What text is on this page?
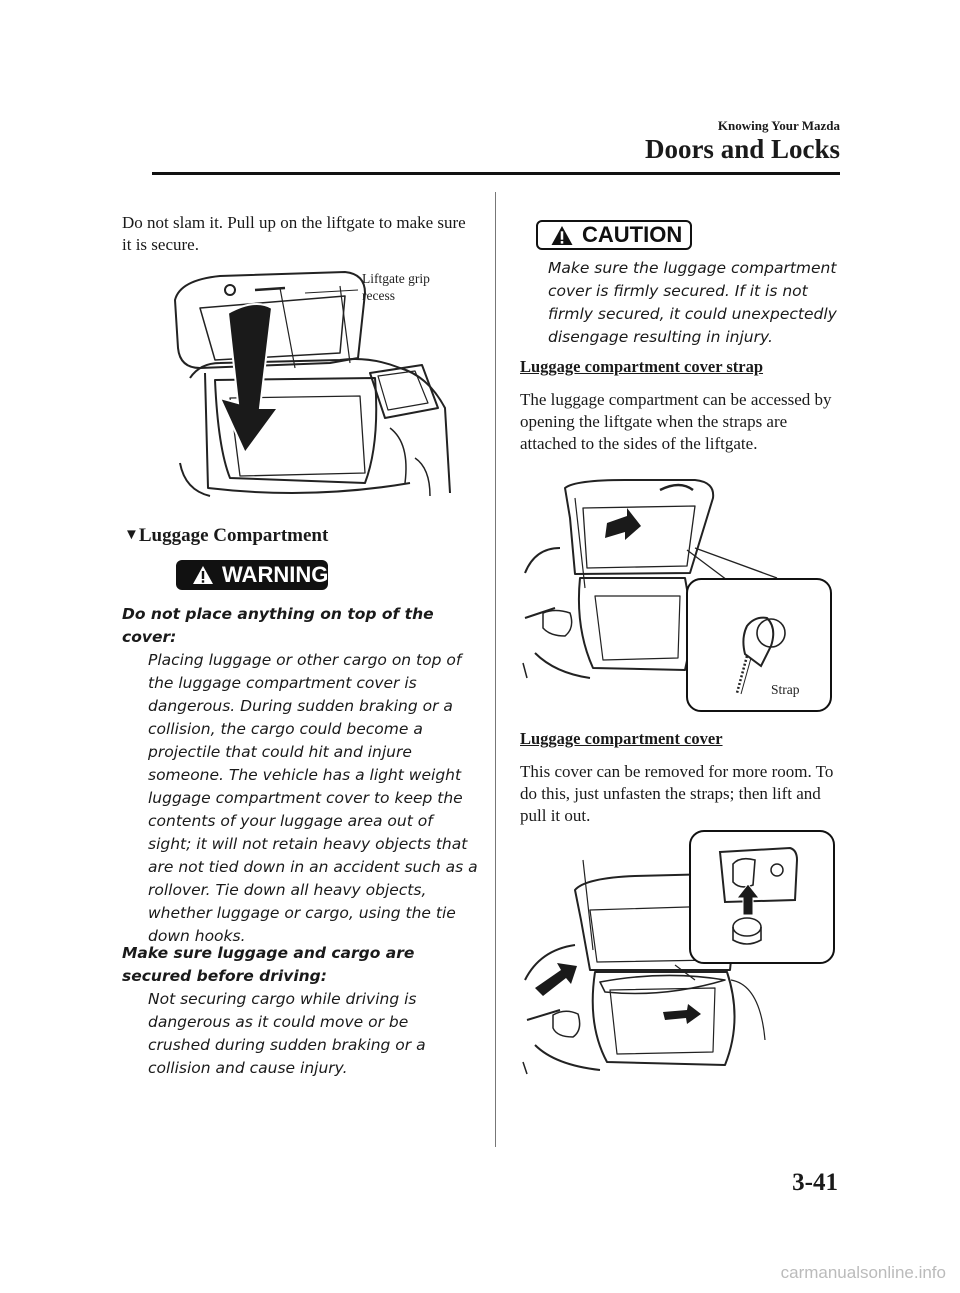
Knowing Your Mazda
Doors and Locks
Do not slam it. Pull up on the liftgate to make sure it is secure.
Liftgate grip
recess
▼Luggage Compartment
WARNING
Do not place anything on top of the cover:
Placing luggage or other cargo on top of the luggage compartment cover is dangerous. During sudden braking or a collision, the cargo could become a projectile that could hit and injure someone. The vehicle has a light weight luggage compartment cover to keep the contents of your luggage area out of sight; it will not retain heavy objects that are not tied down in an accident such as a rollover. Tie down all heavy objects, whether luggage or cargo, using the tie down hooks.
Make sure luggage and cargo are secured before driving:
Not securing cargo while driving is dangerous as it could move or be crushed during sudden braking or a collision and cause injury.
CAUTION
Make sure the luggage compartment cover is firmly secured. If it is not firmly secured, it could unexpectedly disengage resulting in injury.
Luggage compartment cover strap
The luggage compartment can be accessed by opening the liftgate when the straps are attached to the sides of the liftgate.
Strap
Luggage compartment cover
This cover can be removed for more room. To do this, just unfasten the straps; then lift and pull it out.
3-41
carmanualsonline.info
